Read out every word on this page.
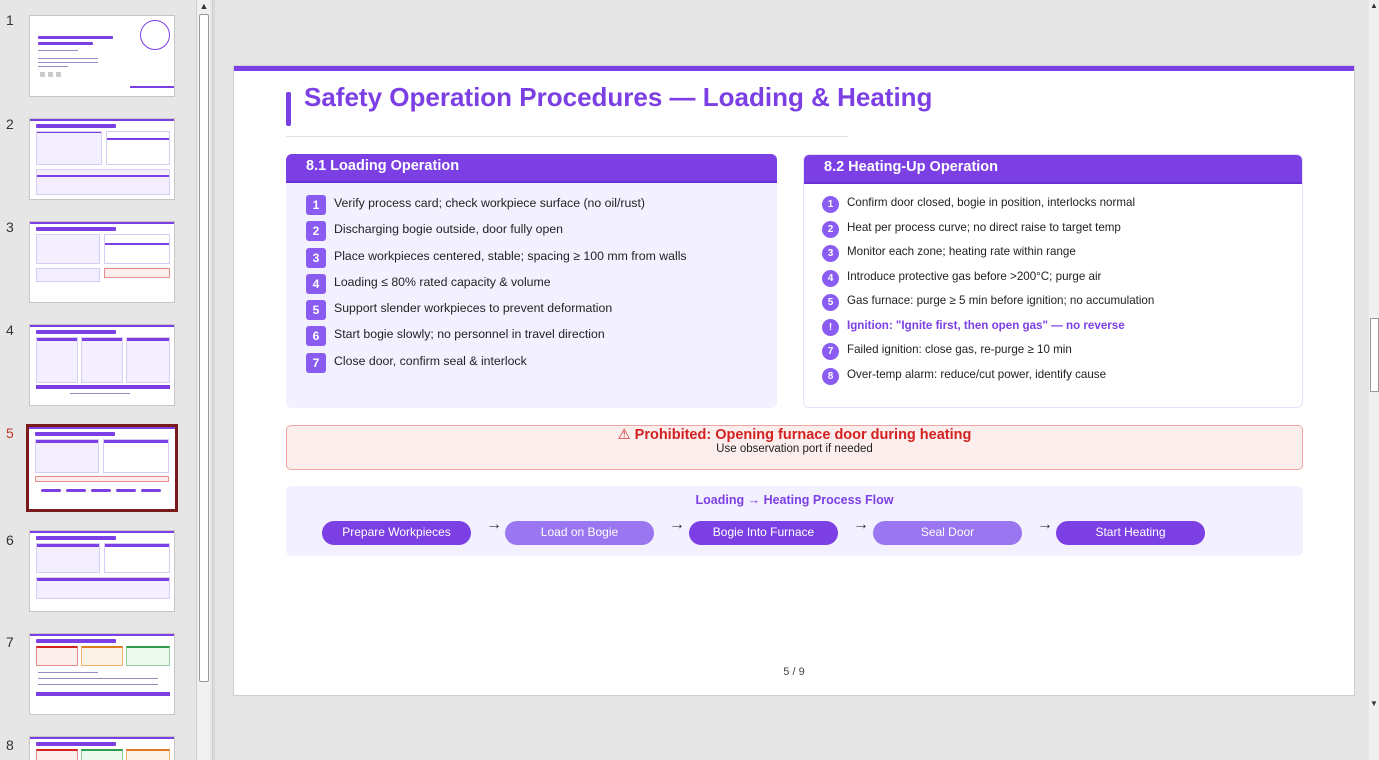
1
2
3
4
5
6
7
8
▲
Safety Operation Procedures — Loading & Heating
8.1 Loading Operation
1	Verify process card; check workpiece surface (no oil/rust)
2	Discharging bogie outside, door fully open
3	Place workpieces centered, stable; spacing ≥ 100 mm from walls
4	Loading ≤ 80% rated capacity & volume
5	Support slender workpieces to prevent deformation
6	Start bogie slowly; no personnel in travel direction
7	Close door, confirm seal & interlock
8.2 Heating-Up Operation
1	Confirm door closed, bogie in position, interlocks normal
2	Heat per process curve; no direct raise to target temp
3	Monitor each zone; heating rate within range
4	Introduce protective gas before >200°C; purge air
5	Gas furnace: purge ≥ 5 min before ignition; no accumulation
!	Ignition: "Ignite first, then open gas" — no reverse
7	Failed ignition: close gas, re-purge ≥ 10 min
8	Over-temp alarm: reduce/cut power, identify cause
⚠ Prohibited: Opening furnace door during heating
Use observation port if needed
Loading → Heating Process Flow
Prepare Workpieces	→	Load on Bogie	→	Bogie Into Furnace	→	Seal Door	→	Start Heating
5 / 9
▲
▼
